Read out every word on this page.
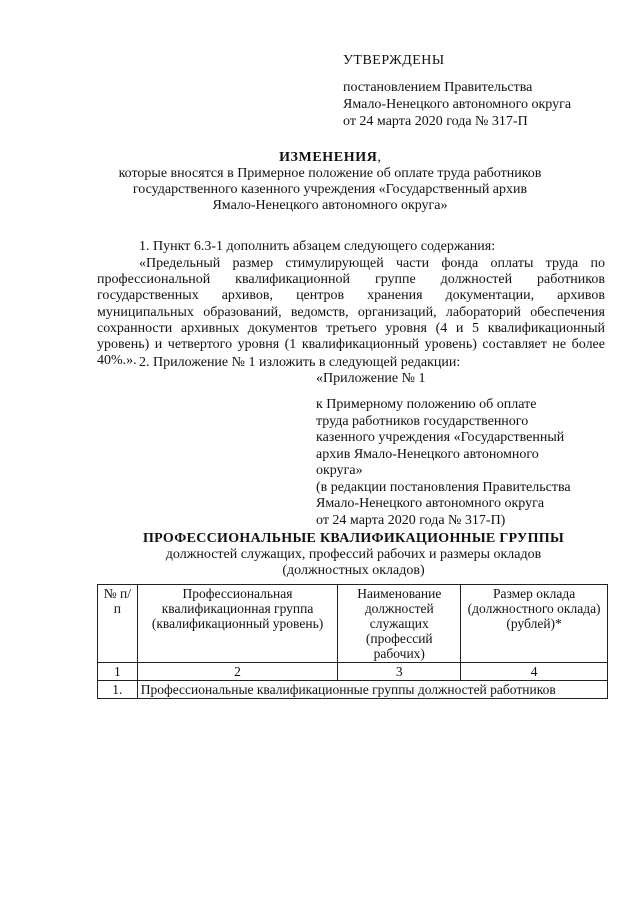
УТВЕРЖДЕНЫ
постановлением Правительства
Ямало-Ненецкого автономного округа
от 24 марта 2020 года № 317-П
ИЗМЕНЕНИЯ,
которые вносятся в Примерное положение об оплате труда работников
государственного казенного учреждения «Государственный архив
Ямало-Ненецкого автономного округа»
1. Пункт 6.3-1 дополнить абзацем следующего содержания:
«Предельный размер стимулирующей части фонда оплаты труда по профессиональной квалификационной группе должностей работников государственных архивов, центров хранения документации, архивов муниципальных образований, ведомств, организаций, лабораторий обеспечения сохранности архивных документов третьего уровня (4 и 5 квалификационный уровень) и четвертого уровня (1 квалификационный уровень) составляет не более 40%.». 2. Приложение № 1 изложить в следующей редакции:
«Приложение № 1
к Примерному положению об оплате
труда работников государственного
казенного учреждения «Государственный
архив Ямало-Ненецкого автономного
округа»
(в редакции постановления Правительства
Ямало-Ненецкого автономного округа
от 24 марта 2020 года № 317-П)
ПРОФЕССИОНАЛЬНЫЕ КВАЛИФИКАЦИОННЫЕ ГРУППЫ
должностей служащих, профессий рабочих и размеры окладов
(должностных окладов)
№ п/п	Профессиональная квалификационная группа (квалификационный уровень)	Наименование должностей служащих (профессий рабочих)	Размер оклада (должностного оклада) (рублей)*
1	2	3	4
1.	Профессиональные квалификационные группы должностей работников		
